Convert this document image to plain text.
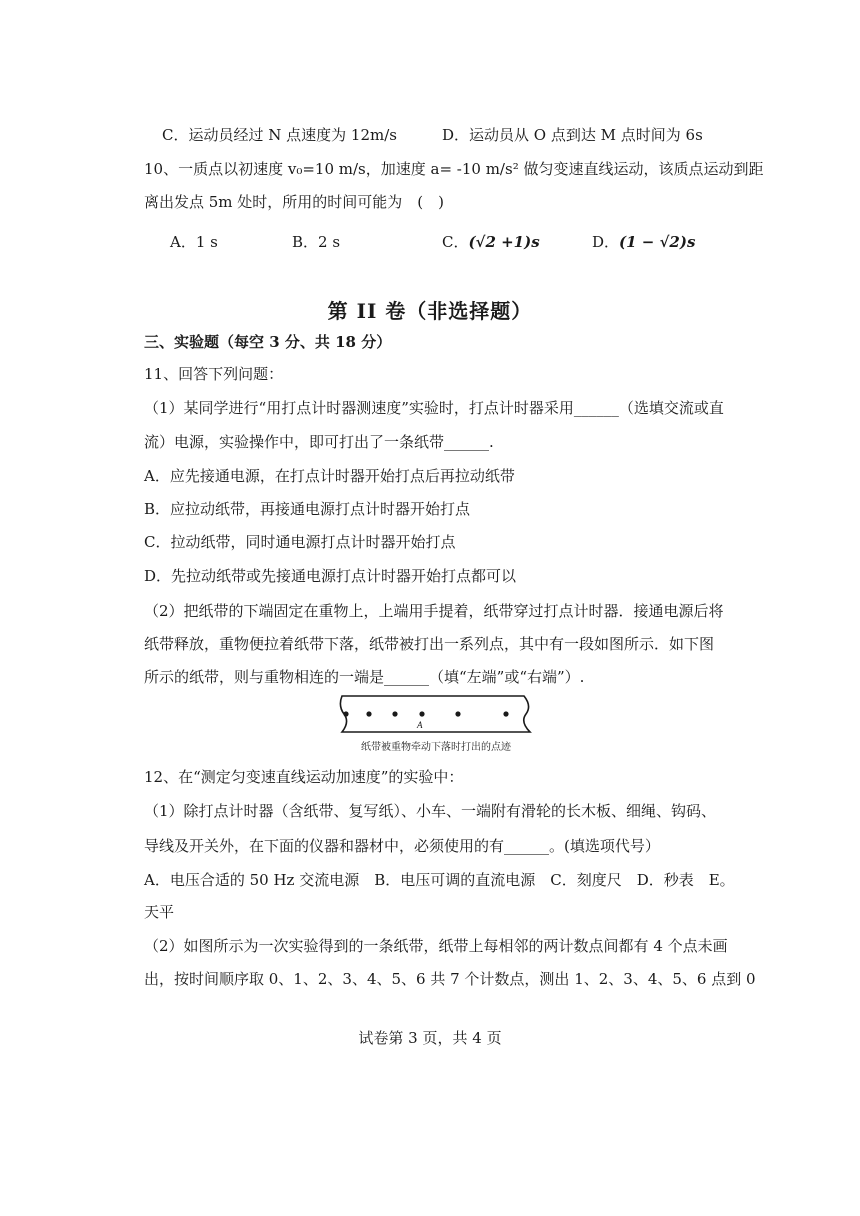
C．运动员经过 N 点速度为 12m/s	D．运动员从 O 点到达 M 点时间为 6s
10、一质点以初速度 v₀=10 m/s，加速度 a= -10 m/s² 做匀变速直线运动，该质点运动到距
离出发点 5m 处时，所用的时间可能为　(　)
A．1 s	B．2 s	C．(√2 +1)s	D．(1 − √2)s
第 II 卷（非选择题）
三、实验题（每空 3 分、共 18 分）
11、回答下列问题：
（1）某同学进行“用打点计时器测速度”实验时，打点计时器采用______（选填交流或直
流）电源，实验操作中，即可打出了一条纸带______.
A．应先接通电源，在打点计时器开始打点后再拉动纸带
B．应拉动纸带，再接通电源打点计时器开始打点
C．拉动纸带，同时通电源打点计时器开始打点
D．先拉动纸带或先接通电源打点计时器开始打点都可以
（2）把纸带的下端固定在重物上，上端用手提着，纸带穿过打点计时器．接通电源后将
纸带释放，重物便拉着纸带下落，纸带被打出一系列点，其中有一段如图所示．如下图
所示的纸带，则与重物相连的一端是______（填“左端”或“右端”）.
A
纸带被重物牵动下落时打出的点迹
12、在“测定匀变速直线运动加速度”的实验中：
（1）除打点计时器（含纸带、复写纸）、小车、一端附有滑轮的长木板、细绳、钩码、
导线及开关外，在下面的仪器和器材中，必须使用的有______。(填选项代号）
A．电压合适的 50 Hz 交流电源　B．电压可调的直流电源　C．刻度尺　D．秒表　E。
天平
（2）如图所示为一次实验得到的一条纸带，纸带上每相邻的两计数点间都有 4 个点未画
出，按时间顺序取 0、1、2、3、4、5、6 共 7 个计数点，测出 1、2、3、4、5、6 点到 0
试卷第 3 页，共 4 页
